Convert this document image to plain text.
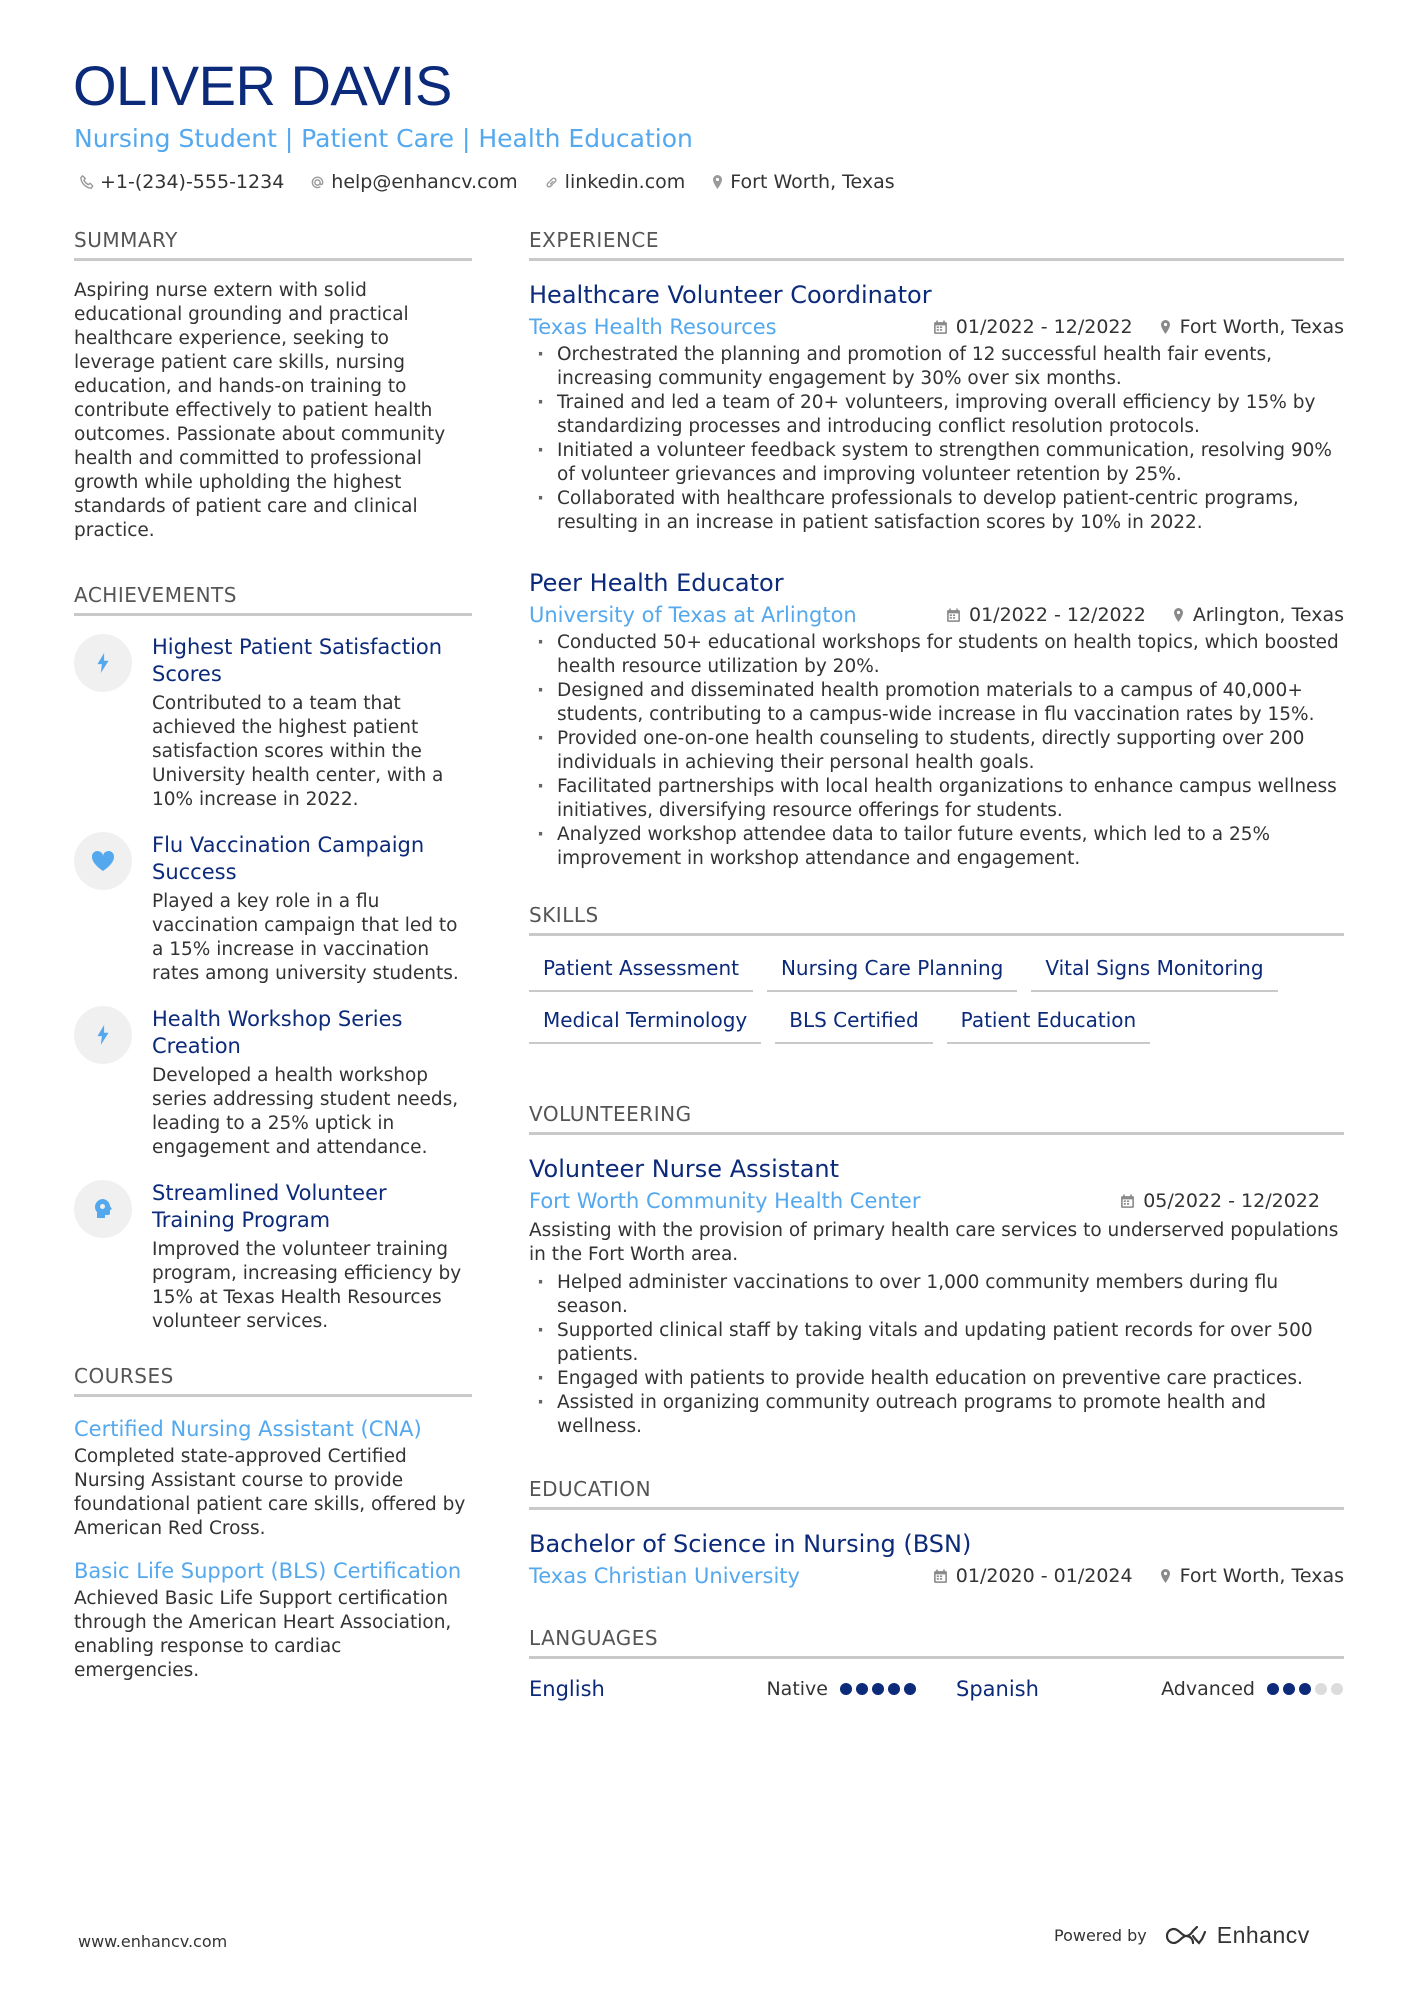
OLIVER DAVIS
Nursing Student | Patient Care | Health Education
+1-(234)-555-1234 help@enhancv.com linkedin.com Fort Worth, Texas
SUMMARY

Aspiring nurse extern with solid educational grounding and practical healthcare experience, seeking to leverage patient care skills, nursing education, and hands-on training to contribute effectively to patient health outcomes. Passionate about community health and committed to professional growth while upholding the highest standards of patient care and clinical practice.

ACHIEVEMENTS
Highest Patient Satisfaction Scores
Contributed to a team that achieved the highest patient satisfaction scores within the University health center, with a 10% increase in 2022.
Flu Vaccination Campaign Success
Played a key role in a flu vaccination campaign that led to a 15% increase in vaccination rates among university students.
Health Workshop Series Creation
Developed a health workshop series addressing student needs, leading to a 25% uptick in engagement and attendance.
Streamlined Volunteer Training Program
Improved the volunteer training program, increasing efficiency by 15% at Texas Health Resources volunteer services.
COURSES
Certified Nursing Assistant (CNA)
Completed state-approved Certified Nursing Assistant course to provide foundational patient care skills, offered by American Red Cross.
Basic Life Support (BLS) Certification
Achieved Basic Life Support certification through the American Heart Association, enabling response to cardiac emergencies.
EXPERIENCE
Healthcare Volunteer Coordinator
Texas Health Resources	01/2022 - 12/2022 Fort Worth, Texas
· Orchestrated the planning and promotion of 12 successful health fair events, increasing community engagement by 30% over six months.
· Trained and led a team of 20+ volunteers, improving overall efficiency by 15% by standardizing processes and introducing conflict resolution protocols.
· Initiated a volunteer feedback system to strengthen communication, resolving 90% of volunteer grievances and improving volunteer retention by 25%.
· Collaborated with healthcare professionals to develop patient-centric programs, resulting in an increase in patient satisfaction scores by 10% in 2022.
Peer Health Educator
University of Texas at Arlington	01/2022 - 12/2022 Arlington, Texas
· Conducted 50+ educational workshops for students on health topics, which boosted health resource utilization by 20%.
· Designed and disseminated health promotion materials to a campus of 40,000+ students, contributing to a campus-wide increase in flu vaccination rates by 15%.
· Provided one-on-one health counseling to students, directly supporting over 200 individuals in achieving their personal health goals.
· Facilitated partnerships with local health organizations to enhance campus wellness initiatives, diversifying resource offerings for students.
· Analyzed workshop attendee data to tailor future events, which led to a 25% improvement in workshop attendance and engagement.
SKILLS
Patient Assessment	Nursing Care Planning	Vital Signs Monitoring
Medical Terminology	BLS Certified	Patient Education
VOLUNTEERING
Volunteer Nurse Assistant
Fort Worth Community Health Center	05/2022 - 12/2022
Assisting with the provision of primary health care services to underserved populations in the Fort Worth area.
· Helped administer vaccinations to over 1,000 community members during flu season.
· Supported clinical staff by taking vitals and updating patient records for over 500 patients.
· Engaged with patients to provide health education on preventive care practices.
· Assisted in organizing community outreach programs to promote health and wellness.
EDUCATION
Bachelor of Science in Nursing (BSN)
Texas Christian University	01/2020 - 01/2024 Fort Worth, Texas
LANGUAGES
English	Native	Spanish	Advanced
www.enhancv.com	Powered by	Enhancv
